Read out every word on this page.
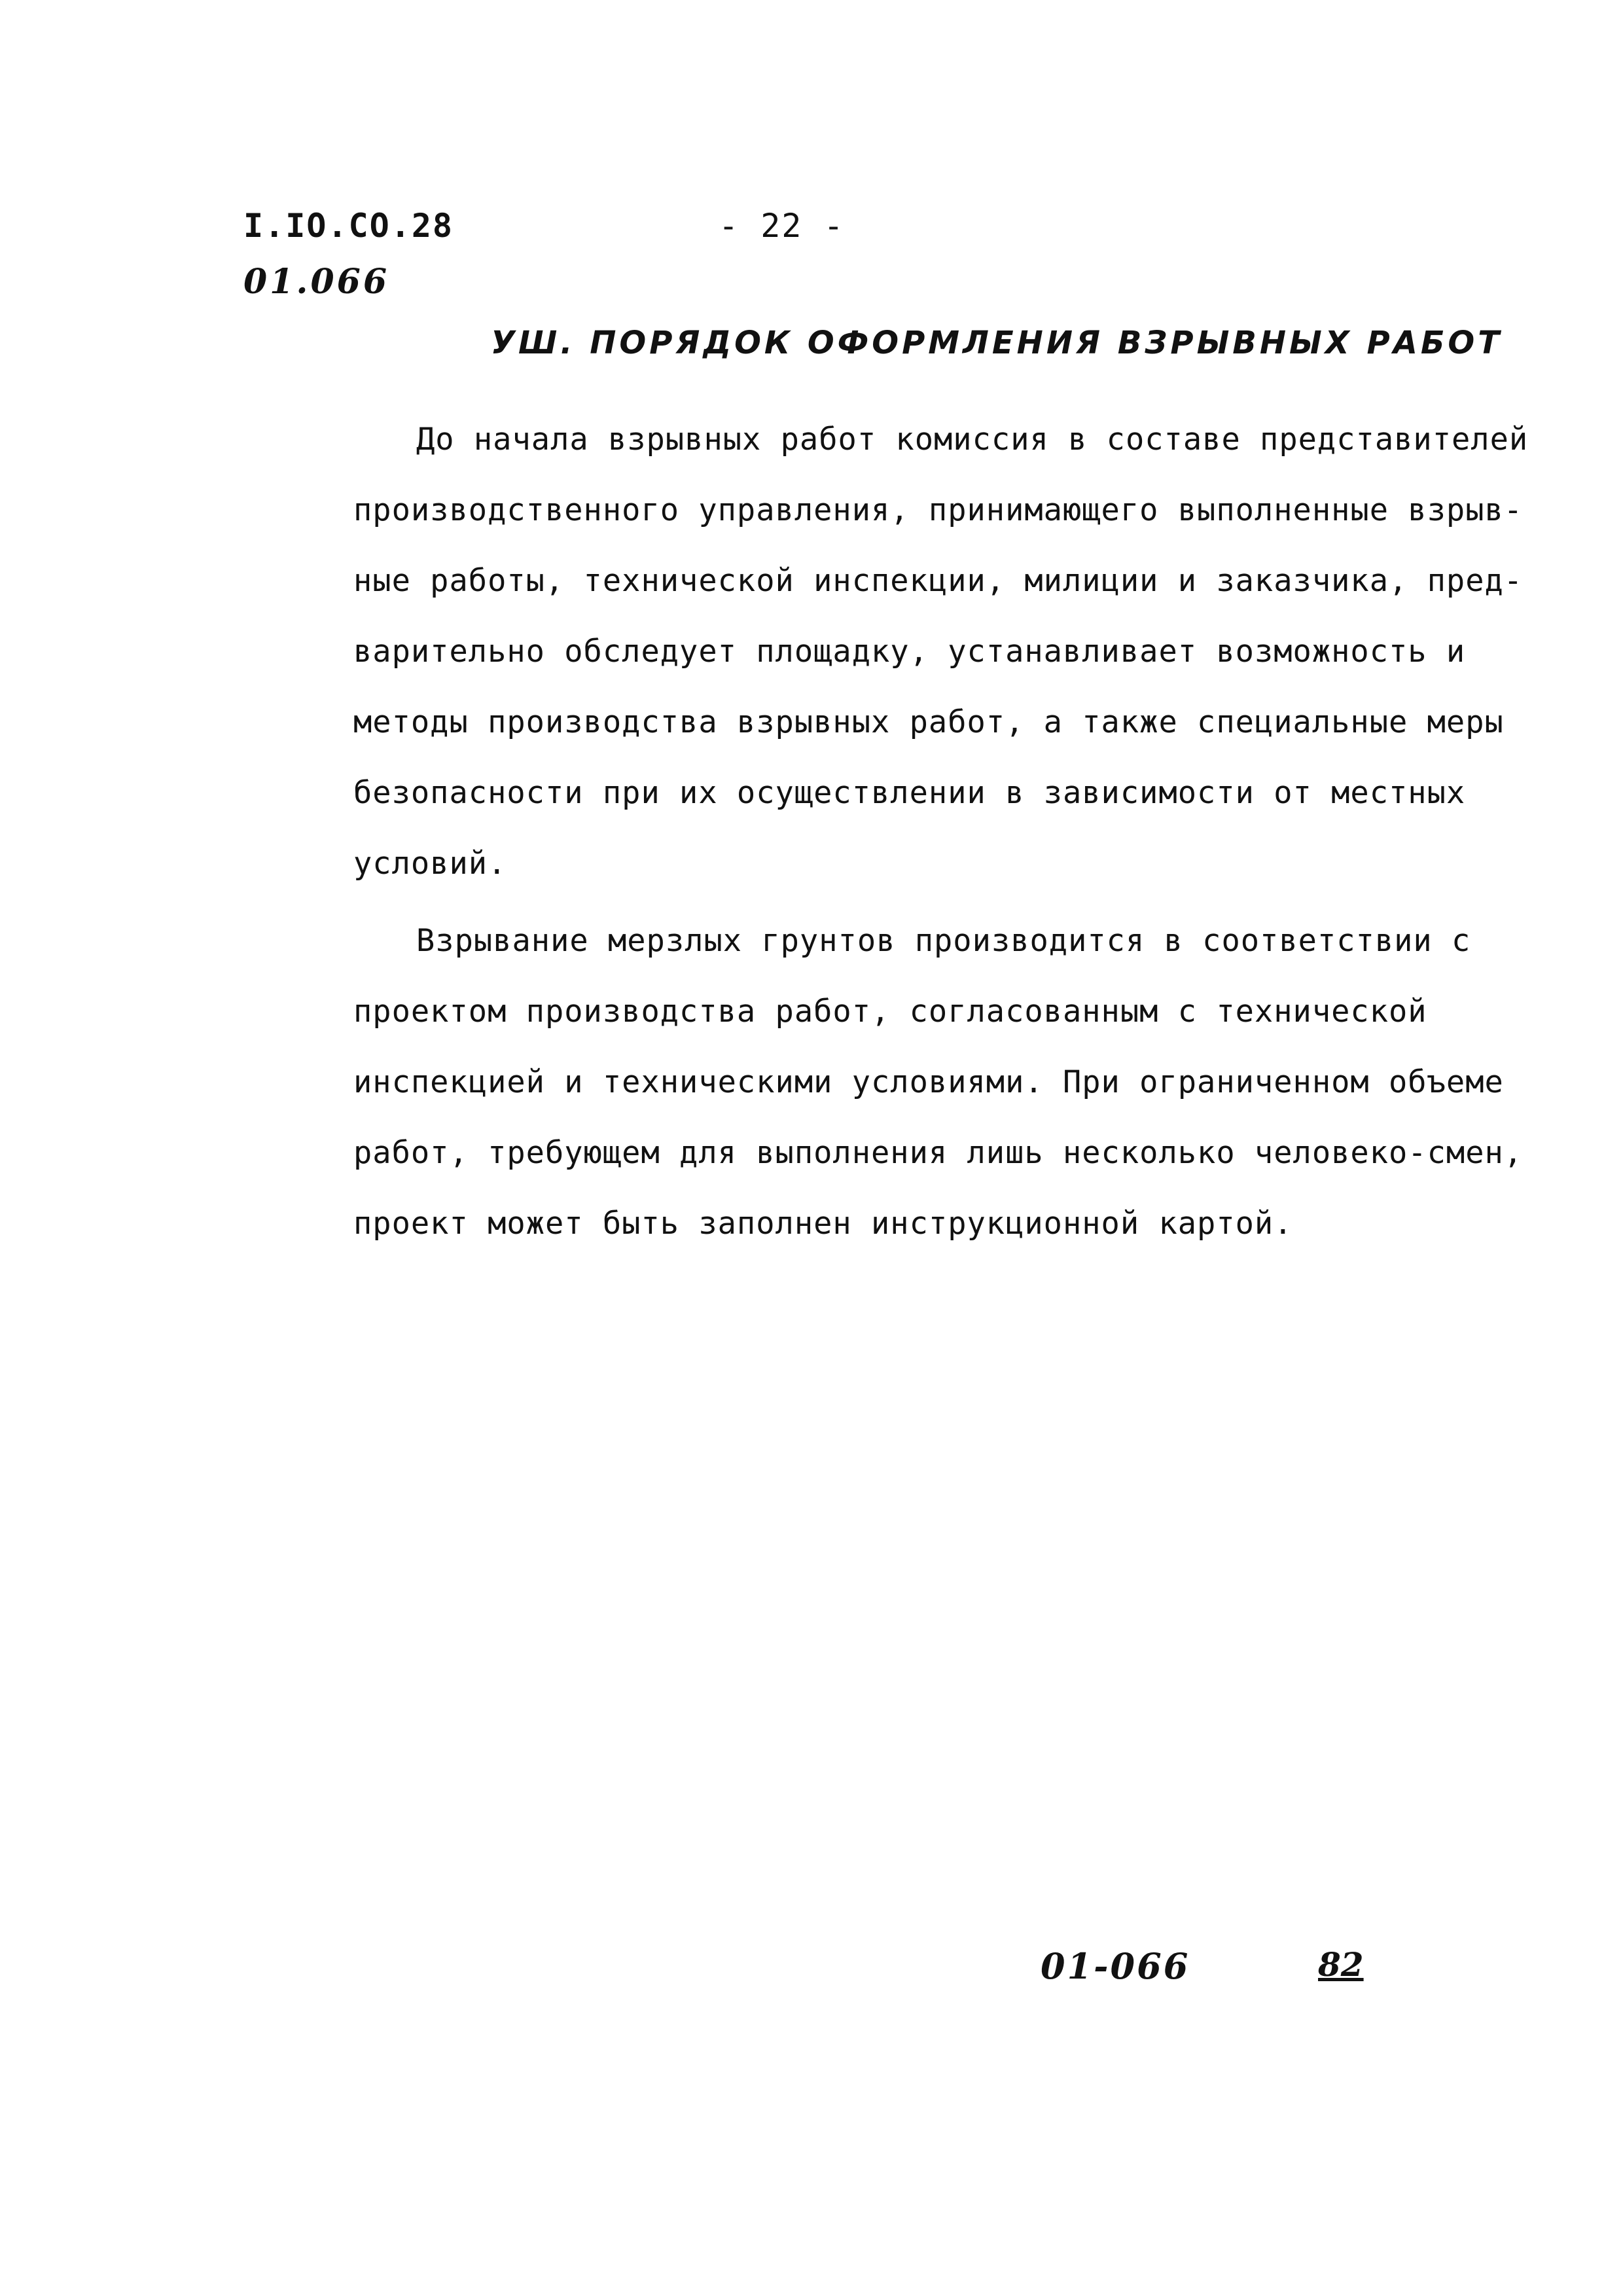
I.IO.CO.28
01.066
- 22 -
УШ. ПОРЯДОК ОФОРМЛЕНИЯ ВЗРЫВНЫХ РАБОТ

До начала взрывных работ комиссия в составе представителей
производственного управления, принимающего выполненные взрыв-
ные работы, технической инспекции, милиции и заказчика, пред-
варительно обследует площадку, устанавливает возможность и
методы производства взрывных работ, а также специальные меры
безопасности при их осуществлении в зависимости от местных
условий.

Взрывание мерзлых грунтов производится в соответствии с
проектом производства работ, согласованным с технической
инспекцией и техническими условиями. При ограниченном объеме
работ, требующем для выполнения лишь несколько человеко-смен,
проект может быть заполнен инструкционной картой.

01-066	82
